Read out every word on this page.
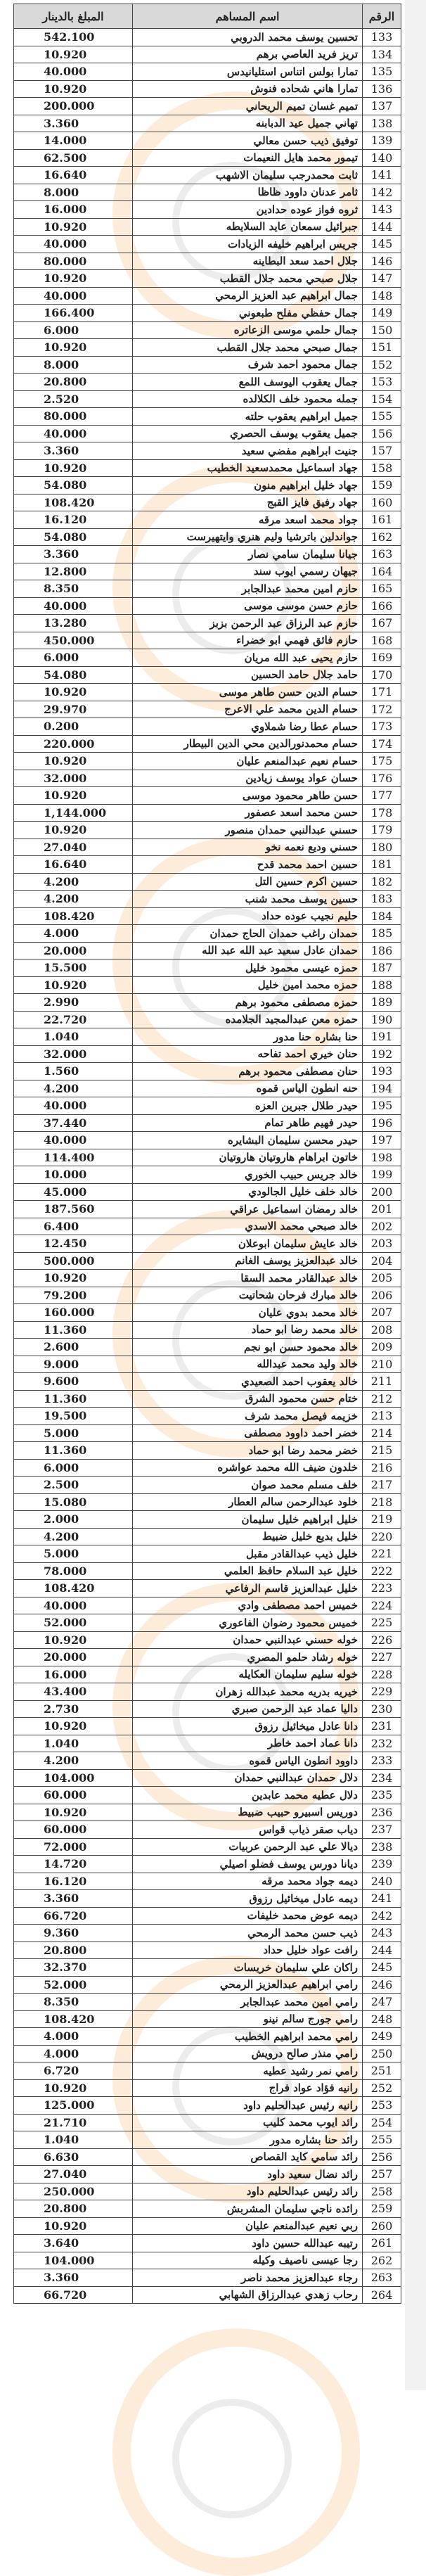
الرقم	اسم المساهم	المبلغ بالدينار
133	تحسين يوسف محمد الدروبي	542.100
134	تريز فريد العاصي برهم	10.920
135	تمارا بولس اتناس استليانيدس	40.000
136	تمارا هاني شحاده فنوش	10.920
137	تميم غسان تميم الريحاني	200.000
138	تهاني جميل عيد الدبابنه	3.360
139	توفيق ذيب حسن معالي	14.000
140	تيمور محمد هايل النعيمات	62.500
141	ثابت محمدرجب سليمان الاشهب	16.640
142	ثامر عدنان داوود ظاظا	8.000
143	ثروه فواز عوده حدادين	16.000
144	جبرائيل سمعان عايد السلايطه	10.920
145	جريس ابراهيم خليفه الزيادات	40.000
146	جلال احمد سعد البطاينه	80.000
147	جلال صبحي محمد جلال القطب	10.920
148	جمال ابراهيم عبد العزيز الرمحي	40.000
149	جمال حفظي مفلح طبعوني	166.400
150	جمال حلمي موسى الزعاتره	6.000
151	جمال صبحي محمد جلال القطب	10.920
152	جمال محمود احمد شرف	8.000
153	جمال يعقوب اليوسف اللمع	20.800
154	جمله محمود خلف الكلالده	2.520
155	جميل ابراهيم يعقوب حلته	80.000
156	جميل يعقوب يوسف الحصري	40.000
157	جنيت ابراهيم مفضي سعيد	3.360
158	جهاد اسماعيل محمدسعيد الخطيب	10.920
159	جهاد خليل ابراهيم منون	54.080
160	جهاد رفيق فايز القبج	108.420
161	جواد محمد اسعد مرقه	16.120
162	جواندلين باترشيا وليم هنري وايتهيرست	54.080
163	جيانا سليمان سامي نصار	3.360
164	جيهان رسمي ايوب سند	12.800
165	حازم امين محمد عبدالجابر	8.350
166	حازم حسن موسى موسى	40.000
167	حازم عبد الرزاق عبد الرحمن بزبز	13.280
168	حازم فائق فهمي ابو خضراء	450.000
169	حازم يحيى عبد الله مريان	6.000
170	حامد جلال حامد الحسين	54.080
171	حسام الدين حسن طاهر موسى	10.920
172	حسام الدين محمد علي الاعرج	29.970
173	حسام عطا رضا شملاوي	0.200
174	حسام محمدنورالدين محي الدين البيطار	220.000
175	حسام نعيم عبدالمنعم عليان	10.920
176	حسان عواد يوسف زيادين	32.000
177	حسن طاهر محمود موسى	10.920
178	حسن محمد اسعد عصفور	1,144.000
179	حسني عبدالنبي حمدان منصور	10.920
180	حسني وديع نعمه نخو	27.040
181	حسين احمد محمد قدح	16.640
182	حسين اكرم حسين التل	4.200
183	حسين يوسف محمد شنب	4.200
184	حليم نجيب عوده حداد	108.420
185	حمدان راغب حمدان الحاج حمدان	4.000
186	حمدان عادل سعيد عبد الله عبد الله	20.000
187	حمزه عيسى محمود خليل	15.500
188	حمزه محمد امين خليل	10.920
189	حمزه مصطفى محمود برهم	2.990
190	حمزه معن عبدالمجيد الجلامده	22.720
191	حنا بشاره حنا مدور	1.040
192	حنان خيري احمد تفاحه	32.000
193	حنان مصطفى محمود برهم	1.560
194	حنه انطون الياس قموه	4.200
195	حيدر طلال جبرين العزه	40.000
196	حيدر فهيم طاهر تمام	37.440
197	حيدر محسن سليمان البشايره	40.000
198	خاتون ابراهام هاروتيان هاروتيان	114.400
199	خالد جريس حبيب الخوري	10.000
200	خالد خلف خليل الجالودي	45.000
201	خالد رمضان اسماعيل عراقي	187.560
202	خالد صبحي محمد الاسدي	6.400
203	خالد عايش سليمان ابوعلان	12.450
204	خالد عبدالعزيز يوسف الغانم	500.000
205	خالد عبدالقادر محمد السقا	10.920
206	خالد مبارك فرحان شحاتيت	79.200
207	خالد محمد بدوي عليان	160.000
208	خالد محمد رضا ابو حماد	11.360
209	خالد محمود حسن ابو نجم	2.600
210	خالد وليد محمد عبدالله	9.000
211	خالد يعقوب احمد الصعيدي	9.600
212	ختام حسن محمود الشرق	11.360
213	خزيمه فيصل محمد شرف	19.500
214	خضر احمد داوود مصطفى	5.000
215	خضر محمد رضا ابو حماد	11.360
216	خلدون ضيف الله محمد عواشره	6.000
217	خلف مسلم محمد صوان	2.500
218	خلود عبدالرحمن سالم العطار	15.080
219	خليل ابراهيم خليل سليمان	2.000
220	خليل بديع خليل ضبيط	4.200
221	خليل ذيب عبدالقادر مقبل	5.000
222	خليل عبد السلام حافظ العلمي	78.000
223	خليل عبدالعزيز قاسم الرفاعي	108.420
224	خميس احمد مصطفى وادي	40.000
225	خميس محمود رضوان الفاعوري	52.000
226	خوله حسني عبدالنبي حمدان	10.920
227	خوله رشاد حلمو المصري	20.000
228	خوله سليم سليمان العكايله	16.000
229	خيريه بدريه محمد عبدالله زهران	43.400
230	داليا عماد عبد الرحمن صبري	2.730
231	دانا عادل ميخائيل رزوق	10.920
232	دانا عماد احمد خاطر	1.040
233	داوود انطون الياس قموه	4.200
234	دلال حمدان عبدالنبي حمدان	104.000
235	دلال عطيه محمد عابدين	60.000
236	دوريس اسبيرو حبيب ضبيط	10.920
237	دياب صقر ذياب قواس	60.000
238	ديالا علي عبد الرحمن عربيات	72.000
239	ديانا دورس يوسف فضلو اصيلي	14.720
240	ديمه جواد محمد مرقه	16.120
241	ديمه عادل ميخائيل رزوق	3.360
242	ديمه عوض محمد خليفات	66.720
243	ذيب حسن محمد الرمحي	9.360
244	رافت عواد خليل حداد	20.800
245	راكان علي سليمان خريسات	32.370
246	رامي ابراهيم عبدالعزيز الرمحي	52.000
247	رامي امين محمد عبدالجابر	8.350
248	رامي جورج سالم نينو	108.420
249	رامي محمد ابراهيم الخطيب	4.000
250	رامي منذر صالح درويش	4.000
251	رامي نمر رشيد عطيه	6.720
252	رانيه فؤاد عواد فراج	10.920
253	رانيه رئيس عبدالحليم داود	125.000
254	رائد ايوب محمد كليب	21.710
255	رائد حنا بشاره مدور	1.040
256	رائد سامي كايد القصاص	6.630
257	رائد نضال سعيد داود	27.040
258	رائد رئيس عبدالحليم داود	250.000
259	رائده ناجي سليمان المشربش	20.800
260	ربي نعيم عبدالمنعم عليان	10.920
261	رتيبه عبدالله حسين داود	3.640
262	رجا عيسى ناصيف وكيله	104.000
263	رجاء عبدالعزيز محمد ناصر	3.360
264	رحاب زهدي عبدالرزاق الشهابي	66.720
